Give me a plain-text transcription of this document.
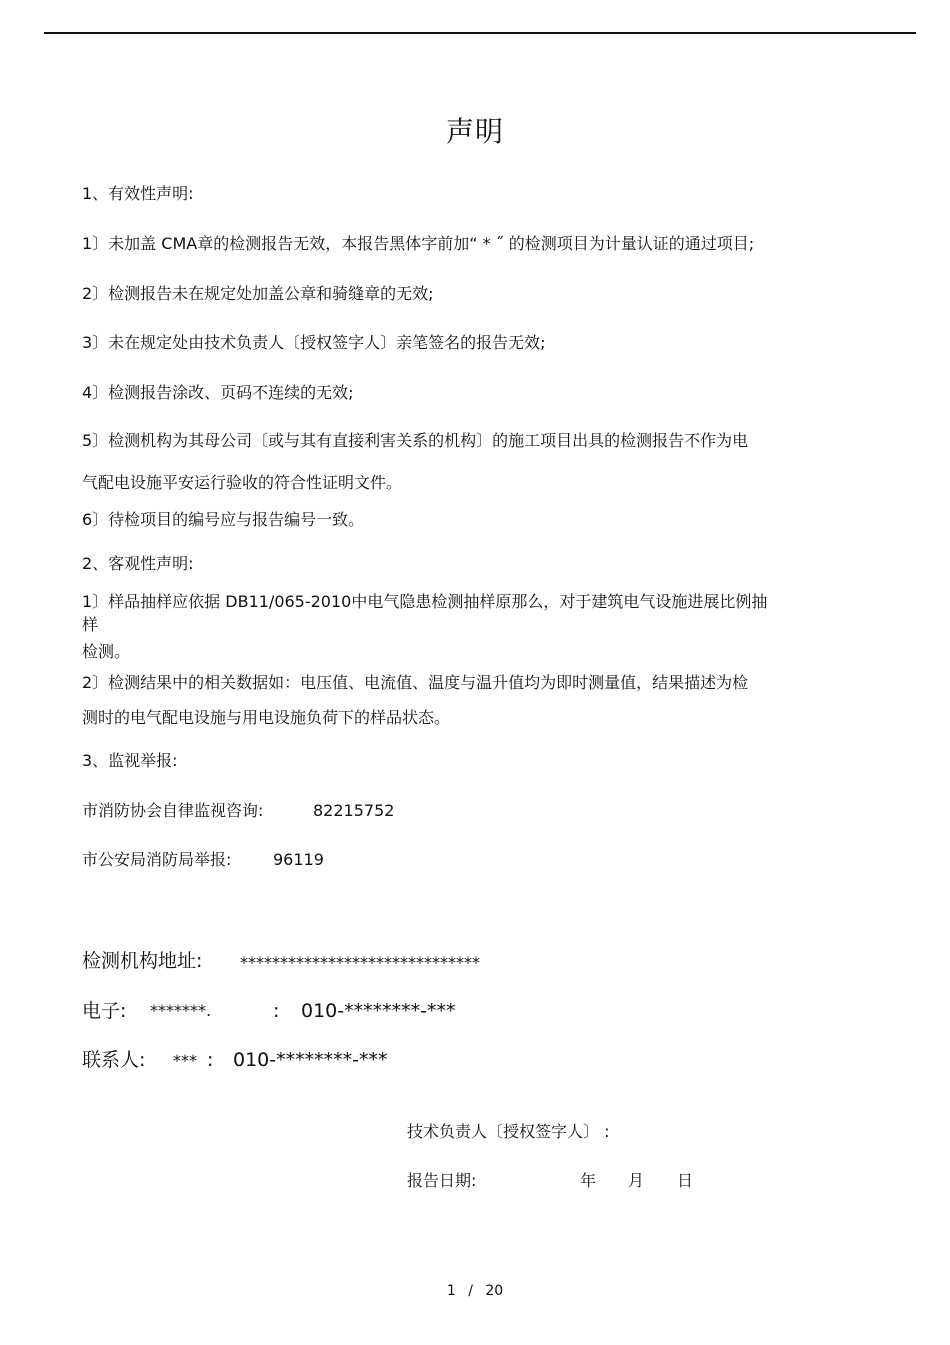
声明
1、有效性声明:
1〕未加盖 CMA章的检测报告无效，本报告黑体字前加“ * ˝ 的检测项目为计量认证的通过项目;
2〕检测报告未在规定处加盖公章和骑缝章的无效;
3〕未在规定处由技术负责人〔授权签字人〕亲笔签名的报告无效;
4〕检测报告涂改、页码不连续的无效;
5〕检测机构为其母公司〔或与其有直接利害关系的机构〕的施工项目出具的检测报告不作为电
气配电设施平安运行验收的符合性证明文件。
6〕待检项目的编号应与报告编号一致。
2、客观性声明:
1〕样品抽样应依据 DB11/065-2010中电气隐患检测抽样原那么，对于建筑电气设施进展比例抽
样
检测。
2〕检测结果中的相关数据如：电压值、电流值、温度与温升值均为即时测量值，结果描述为检
测时的电气配电设施与用电设施负荷下的样品状态。
3、监视举报:
市消防协会自律监视咨询:	82215752
市公安局消防局举报:	96119
检测机构地址: ******************************
电子: *******.	: 010-********-***
联系人: *** : 010-********-***
技术负责人〔授权签字人〕 :
报告日期:	年 月 日
1 / 20
